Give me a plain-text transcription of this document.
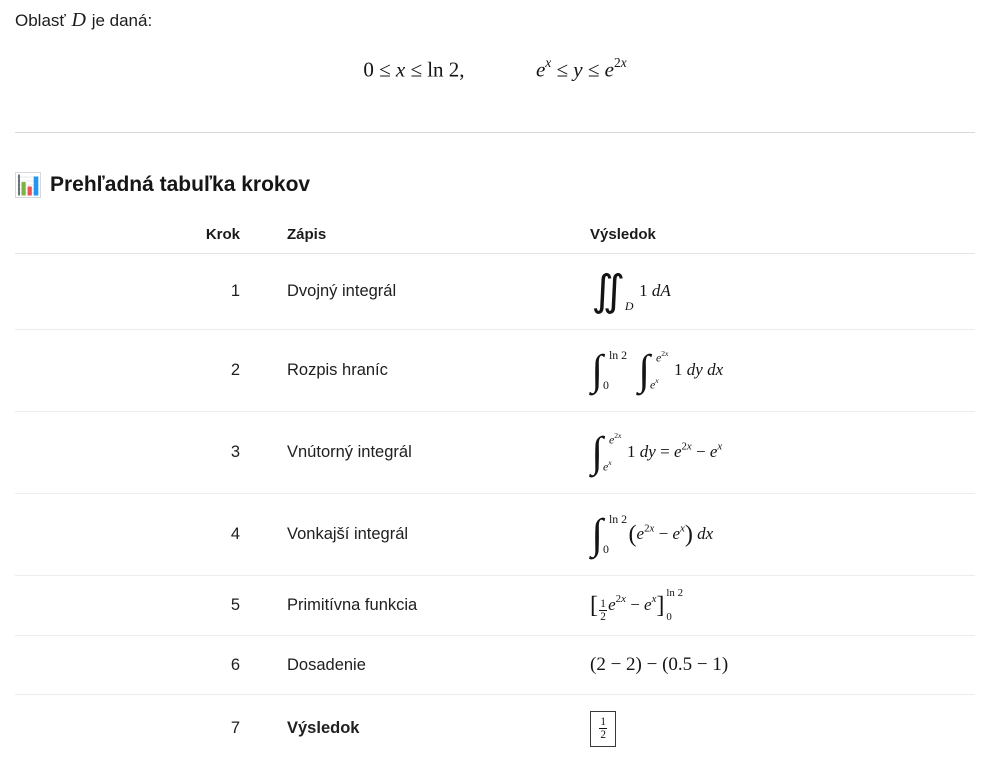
Oblasť D je daná:

0 ≤ x ≤ ln 2,	$e^x \le y \le e^{2x}$
Prehľadná tabuľka krokov
Krok	Zápis	Výsledok
1	Dvojný integrál	∬ D
1 dA
2	Rozpis hraníc	∫ ln 2
0 ∫ $e^{2x}$
$e^x$
1 dy dx
3	Vnútorný integrál	∫ $e^{2x}$
$e^x$
1 dy = $e^{2x} - e^x$
4	Vonkajší integrál	∫ ln 2
0
$(e^{2x} - e^x)$ dx
5	Primitívna funkcia	[ $\frac{1}{2} e^{2x} - e^x$] ln 2
0
6	Dosadenie	(2 − 2) − (0.5 − 1)
7	Výsledok	1
2
